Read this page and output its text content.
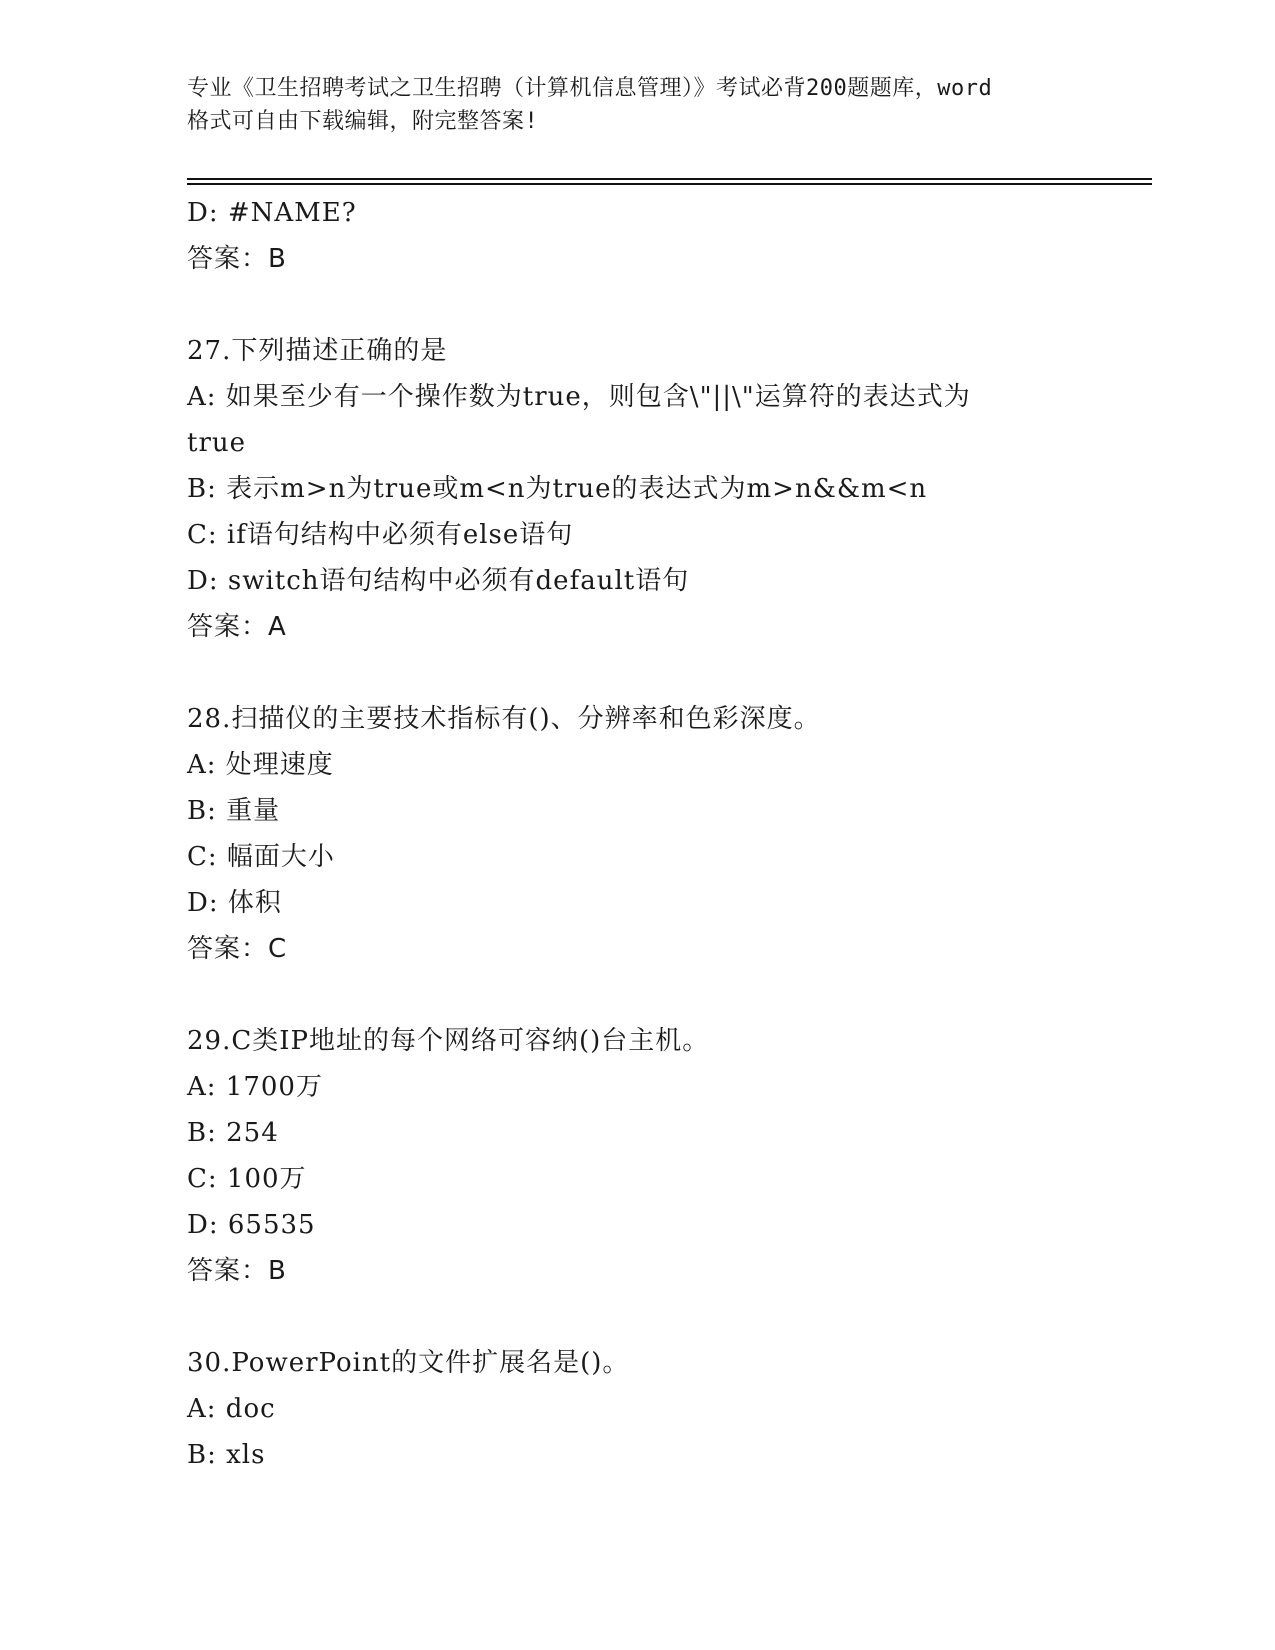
专业《卫生招聘考试之卫生招聘（计算机信息管理）》考试必背200题题库，word
格式可自由下载编辑，附完整答案!
D: #NAME?
答案：B
27.下列描述正确的是
A: 如果至少有一个操作数为true，则包含\"||\"运算符的表达式为
true
B: 表示m>n为true或m<n为true的表达式为m>n&&m<n
C: if语句结构中必须有else语句
D: switch语句结构中必须有default语句
答案：A
28.扫描仪的主要技术指标有()、分辨率和色彩深度。
A: 处理速度
B: 重量
C: 幅面大小
D: 体积
答案：C
29.C类IP地址的每个网络可容纳()台主机。
A: 1700万
B: 254
C: 100万
D: 65535
答案：B
30.PowerPoint的文件扩展名是()。
A: doc
B: xls
